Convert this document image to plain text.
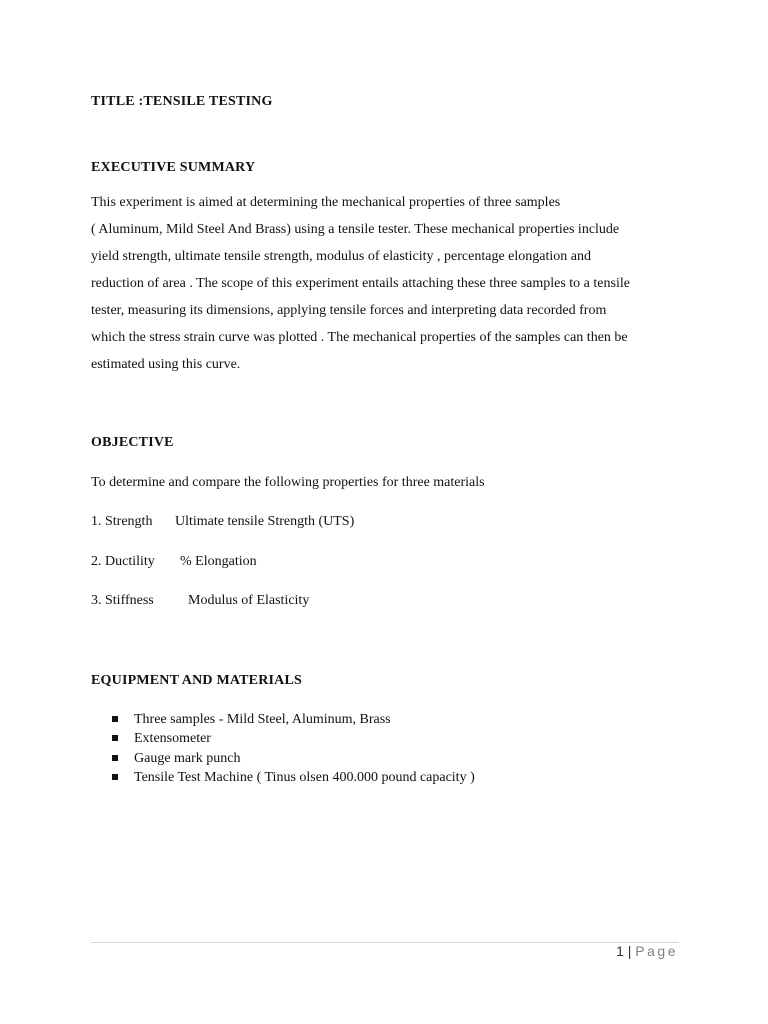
TITLE :TENSILE TESTING
EXECUTIVE SUMMARY
This experiment is aimed at determining the mechanical properties of three samples
( Aluminum, Mild Steel And Brass) using a tensile tester. These mechanical properties include
yield strength, ultimate tensile strength, modulus of elasticity , percentage elongation and
reduction of area . The scope of this experiment entails attaching these three samples to a tensile
tester, measuring its dimensions, applying tensile forces and interpreting data recorded from
which the stress strain curve was plotted . The mechanical properties of the samples can then be
estimated using this curve.
OBJECTIVE
To determine and compare the following properties for three materials
1. Strength Ultimate tensile Strength (UTS)
2. Ductility % Elongation
3. Stiffness Modulus of Elasticity
EQUIPMENT AND MATERIALS
Three samples - Mild Steel, Aluminum, Brass
Extensometer
Gauge mark punch
Tensile Test Machine ( Tinus olsen 400.000 pound capacity )
1 | Page
